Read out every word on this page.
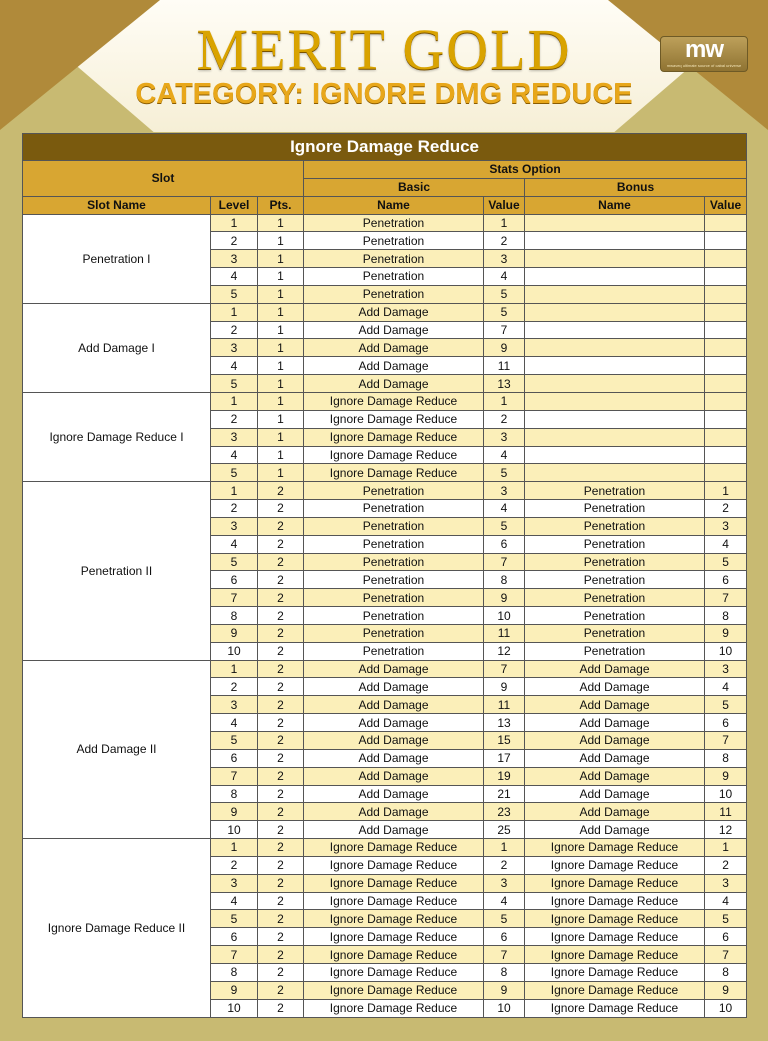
MERIT GOLD
CATEGORY: IGNORE DMG REDUCE
mw
mwaveq ultimate source of cabal universe
Ignore Damage Reduce						
Slot			Stats Option			
			Basic		Bonus	
Slot Name	Level	Pts.	Name	Value	Name	Value
Penetration I	1	1	Penetration	1		
	2	1	Penetration	2		
	3	1	Penetration	3		
	4	1	Penetration	4		
	5	1	Penetration	5		
Add Damage I	1	1	Add Damage	5		
	2	1	Add Damage	7		
	3	1	Add Damage	9		
	4	1	Add Damage	11		
	5	1	Add Damage	13		
Ignore Damage Reduce I	1	1	Ignore Damage Reduce	1		
	2	1	Ignore Damage Reduce	2		
	3	1	Ignore Damage Reduce	3		
	4	1	Ignore Damage Reduce	4		
	5	1	Ignore Damage Reduce	5		
Penetration II	1	2	Penetration	3	Penetration	1
	2	2	Penetration	4	Penetration	2
	3	2	Penetration	5	Penetration	3
	4	2	Penetration	6	Penetration	4
	5	2	Penetration	7	Penetration	5
	6	2	Penetration	8	Penetration	6
	7	2	Penetration	9	Penetration	7
	8	2	Penetration	10	Penetration	8
	9	2	Penetration	11	Penetration	9
	10	2	Penetration	12	Penetration	10
Add Damage II	1	2	Add Damage	7	Add Damage	3
	2	2	Add Damage	9	Add Damage	4
	3	2	Add Damage	11	Add Damage	5
	4	2	Add Damage	13	Add Damage	6
	5	2	Add Damage	15	Add Damage	7
	6	2	Add Damage	17	Add Damage	8
	7	2	Add Damage	19	Add Damage	9
	8	2	Add Damage	21	Add Damage	10
	9	2	Add Damage	23	Add Damage	11
	10	2	Add Damage	25	Add Damage	12
Ignore Damage Reduce II	1	2	Ignore Damage Reduce	1	Ignore Damage Reduce	1
	2	2	Ignore Damage Reduce	2	Ignore Damage Reduce	2
	3	2	Ignore Damage Reduce	3	Ignore Damage Reduce	3
	4	2	Ignore Damage Reduce	4	Ignore Damage Reduce	4
	5	2	Ignore Damage Reduce	5	Ignore Damage Reduce	5
	6	2	Ignore Damage Reduce	6	Ignore Damage Reduce	6
	7	2	Ignore Damage Reduce	7	Ignore Damage Reduce	7
	8	2	Ignore Damage Reduce	8	Ignore Damage Reduce	8
	9	2	Ignore Damage Reduce	9	Ignore Damage Reduce	9
	10	2	Ignore Damage Reduce	10	Ignore Damage Reduce	10
